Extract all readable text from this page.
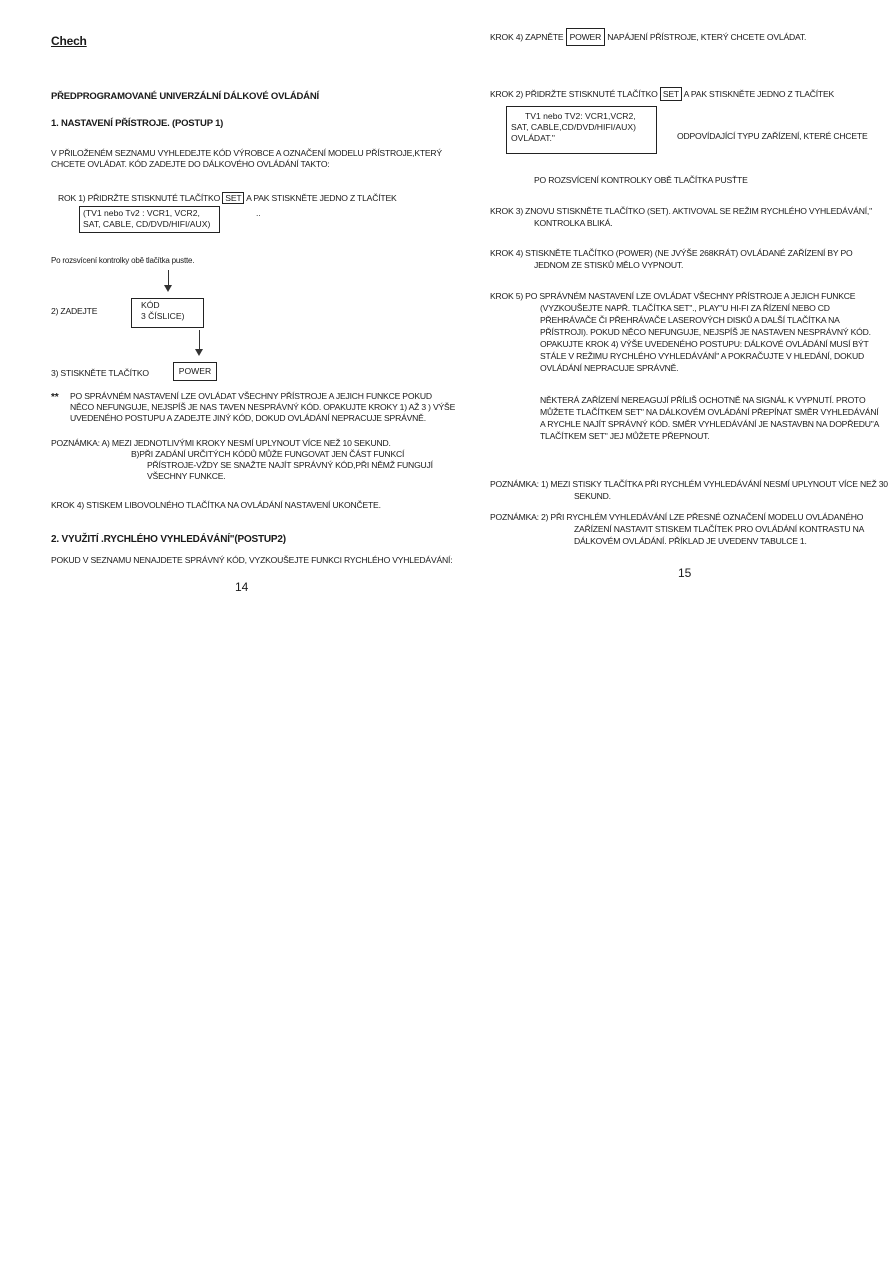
Chech
PŘEDPROGRAMOVANÉ UNIVERZÁLNÍ DÁLKOVÉ OVLÁDÁNÍ
1. NASTAVENÍ PŘÍSTROJE. (POSTUP 1)
V PŘILOŽENÉM SEZNAMU VYHLEDEJTE KÓD VÝROBCE A OZNAČENÍ MODELU PŘÍSTROJE,KTERÝ
CHCETE OVLÁDAT. KÓD ZADEJTE DO DÁLKOVÉHO OVLÁDÁNÍ TAKTO:
ROK 1) PŘIDRŽTE STISKNUTÉ TLAČÍTKO SET A PAK STISKNĚTE JEDNO Z TLAČÍTEK
(TV1 nebo Tv2 : VCR1, VCR2,
SAT, CABLE, CD/DVD/HIFI/AUX)
..
Po rozsvícení kontrolky obě tlačítka pustte.
2) ZADEJTE
KÓD
3 ČÍSLICE)
3) STISKNĚTE TLAČÍTKO	POWER
** PO SPRÁVNÉM NASTAVENÍ LZE OVLÁDAT VŠECHNY PŘÍSTROJE A JEJICH FUNKCE POKUD
NĚCO NEFUNGUJE, NEJSPÍŠ JE NAS TAVEN NESPRÁVNÝ KÓD. OPAKUJTE KROKY 1) AŽ 3 ) VÝŠE
UVEDENÉHO POSTUPU A ZADEJTE JINÝ KÓD, DOKUD OVLÁDÁNÍ NEPRACUJE SPRÁVNĚ.
POZNÁMKA: A) MEZI JEDNOTLIVÝMI KROKY NESMÍ UPLYNOUT VÍCE NEŽ 10 SEKUND.
B)PŘI ZADÁNÍ URČITÝCH KÓDŮ MŮŽE FUNGOVAT JEN ČÁST FUNKCÍ
PŘÍSTROJE-VŽDY SE SNAŽTE NAJÍT SPRÁVNÝ KÓD,PŘI NĚMŽ FUNGUJÍ
VŠECHNY FUNKCE.
KROK 4) STISKEM LIBOVOLNÉHO TLAČÍTKA NA OVLÁDÁNÍ NASTAVENÍ UKONČETE.
2. VYUŽITÍ .RYCHLÉHO VYHLEDÁVÁNÍ"(POSTUP2)
POKUD V SEZNAMU NENAJDETE SPRÁVNÝ KÓD, VYZKOUŠEJTE FUNKCI RYCHLÉHO VYHLEDÁVÁNÍ:
14
KROK 4) ZAPNĚTE POWER NAPÁJENÍ PŘÍSTROJE, KTERÝ CHCETE OVLÁDAT.
KROK 2) PŘIDRŽTE STISKNUTÉ TLAČÍTKO SET A PAK STISKNĚTE JEDNO Z TLAČÍTEK
TV1 nebo TV2: VCR1,VCR2,
SAT, CABLE,CD/DVD/HIFI/AUX)
OVLÁDAT."	ODPOVÍDAJÍCÍ TYPU ZAŘÍZENÍ, KTERÉ CHCETE
PO ROZSVÍCENÍ KONTROLKY OBĚ TLAČÍTKA PUSŤTE
KROK 3) ZNOVU STISKNĚTE TLAČÍTKO (SET). AKTIVOVAL SE REŽIM RYCHLÉHO VYHLEDÁVÁNÍ,"
KONTROLKA BLIKÁ.
KROK 4) STISKNĚTE TLAČÍTKO (POWER) (NE JVÝŠE 268KRÁT) OVLÁDANÉ ZAŘÍZENÍ BY PO
JEDNOM ZE STISKŮ MĚLO VYPNOUT.
KROK 5) PO SPRÁVNÉM NASTAVENÍ LZE OVLÁDAT VŠECHNY PŘÍSTROJE A JEJICH FUNKCE
(VYZKOUŠEJTE NAPŘ. TLAČÍTKA SET"., PLAY"U HI-FI ZA ŘÍZENÍ NEBO CD
PŘEHRÁVAČE ČI PŘEHRÁVAČE LASEROVÝCH DISKŮ A DALŠÍ TLAČÍTKA NA
PŘÍSTROJI). POKUD NĚCO NEFUNGUJE, NEJSPÍŠ JE NASTAVEN NESPRÁVNÝ KÓD.
OPAKUJTE KROK 4) VÝŠE UVEDENÉHO POSTUPU: DÁLKOVÉ OVLÁDÁNÍ MUSÍ BÝT
STÁLE V REŽIMU RYCHLÉHO VYHLEDÁVÁNÍ" A POKRAČUJTE V HLEDÁNÍ, DOKUD
OVLÁDÁNÍ NEPRACUJE SPRÁVNĚ.
NĚKTERÁ ZAŘÍZENÍ NEREAGUJÍ PŘÍLIŠ OCHOTNĚ NA SIGNÁL K VYPNUTÍ. PROTO
MŮŽETE TLAČÍTKEM SET" NA DÁLKOVÉM OVLÁDÁNÍ PŘEPÍNAT SMĚR VYHLEDÁVÁNÍ
A RYCHLE NAJÍT SPRÁVNÝ KÓD. SMĚR VYHLEDÁVÁNÍ JE NASTAVBN NA DOPŘEDU"A
TLAČÍTKEM SET" JEJ MŮŽETE PŘEPNOUT.
POZNÁMKA: 1) MEZI STISKY TLAČÍTKA PŘI RYCHLÉM VYHLEDÁVÁNÍ NESMÍ UPLYNOUT VÍCE NEŽ 30
SEKUND.
POZNÁMKA: 2) PŘI RYCHLÉM VYHLEDÁVÁNÍ LZE PŘESNÉ OZNAČENÍ MODELU OVLÁDANÉHO
ZAŘÍZENÍ NASTAVIT STISKEM TLAČÍTEK PRO OVLÁDÁNÍ KONTRASTU NA
DÁLKOVÉM OVLÁDÁNÍ. PŘÍKLAD JE UVEDENV TABULCE 1.
15
